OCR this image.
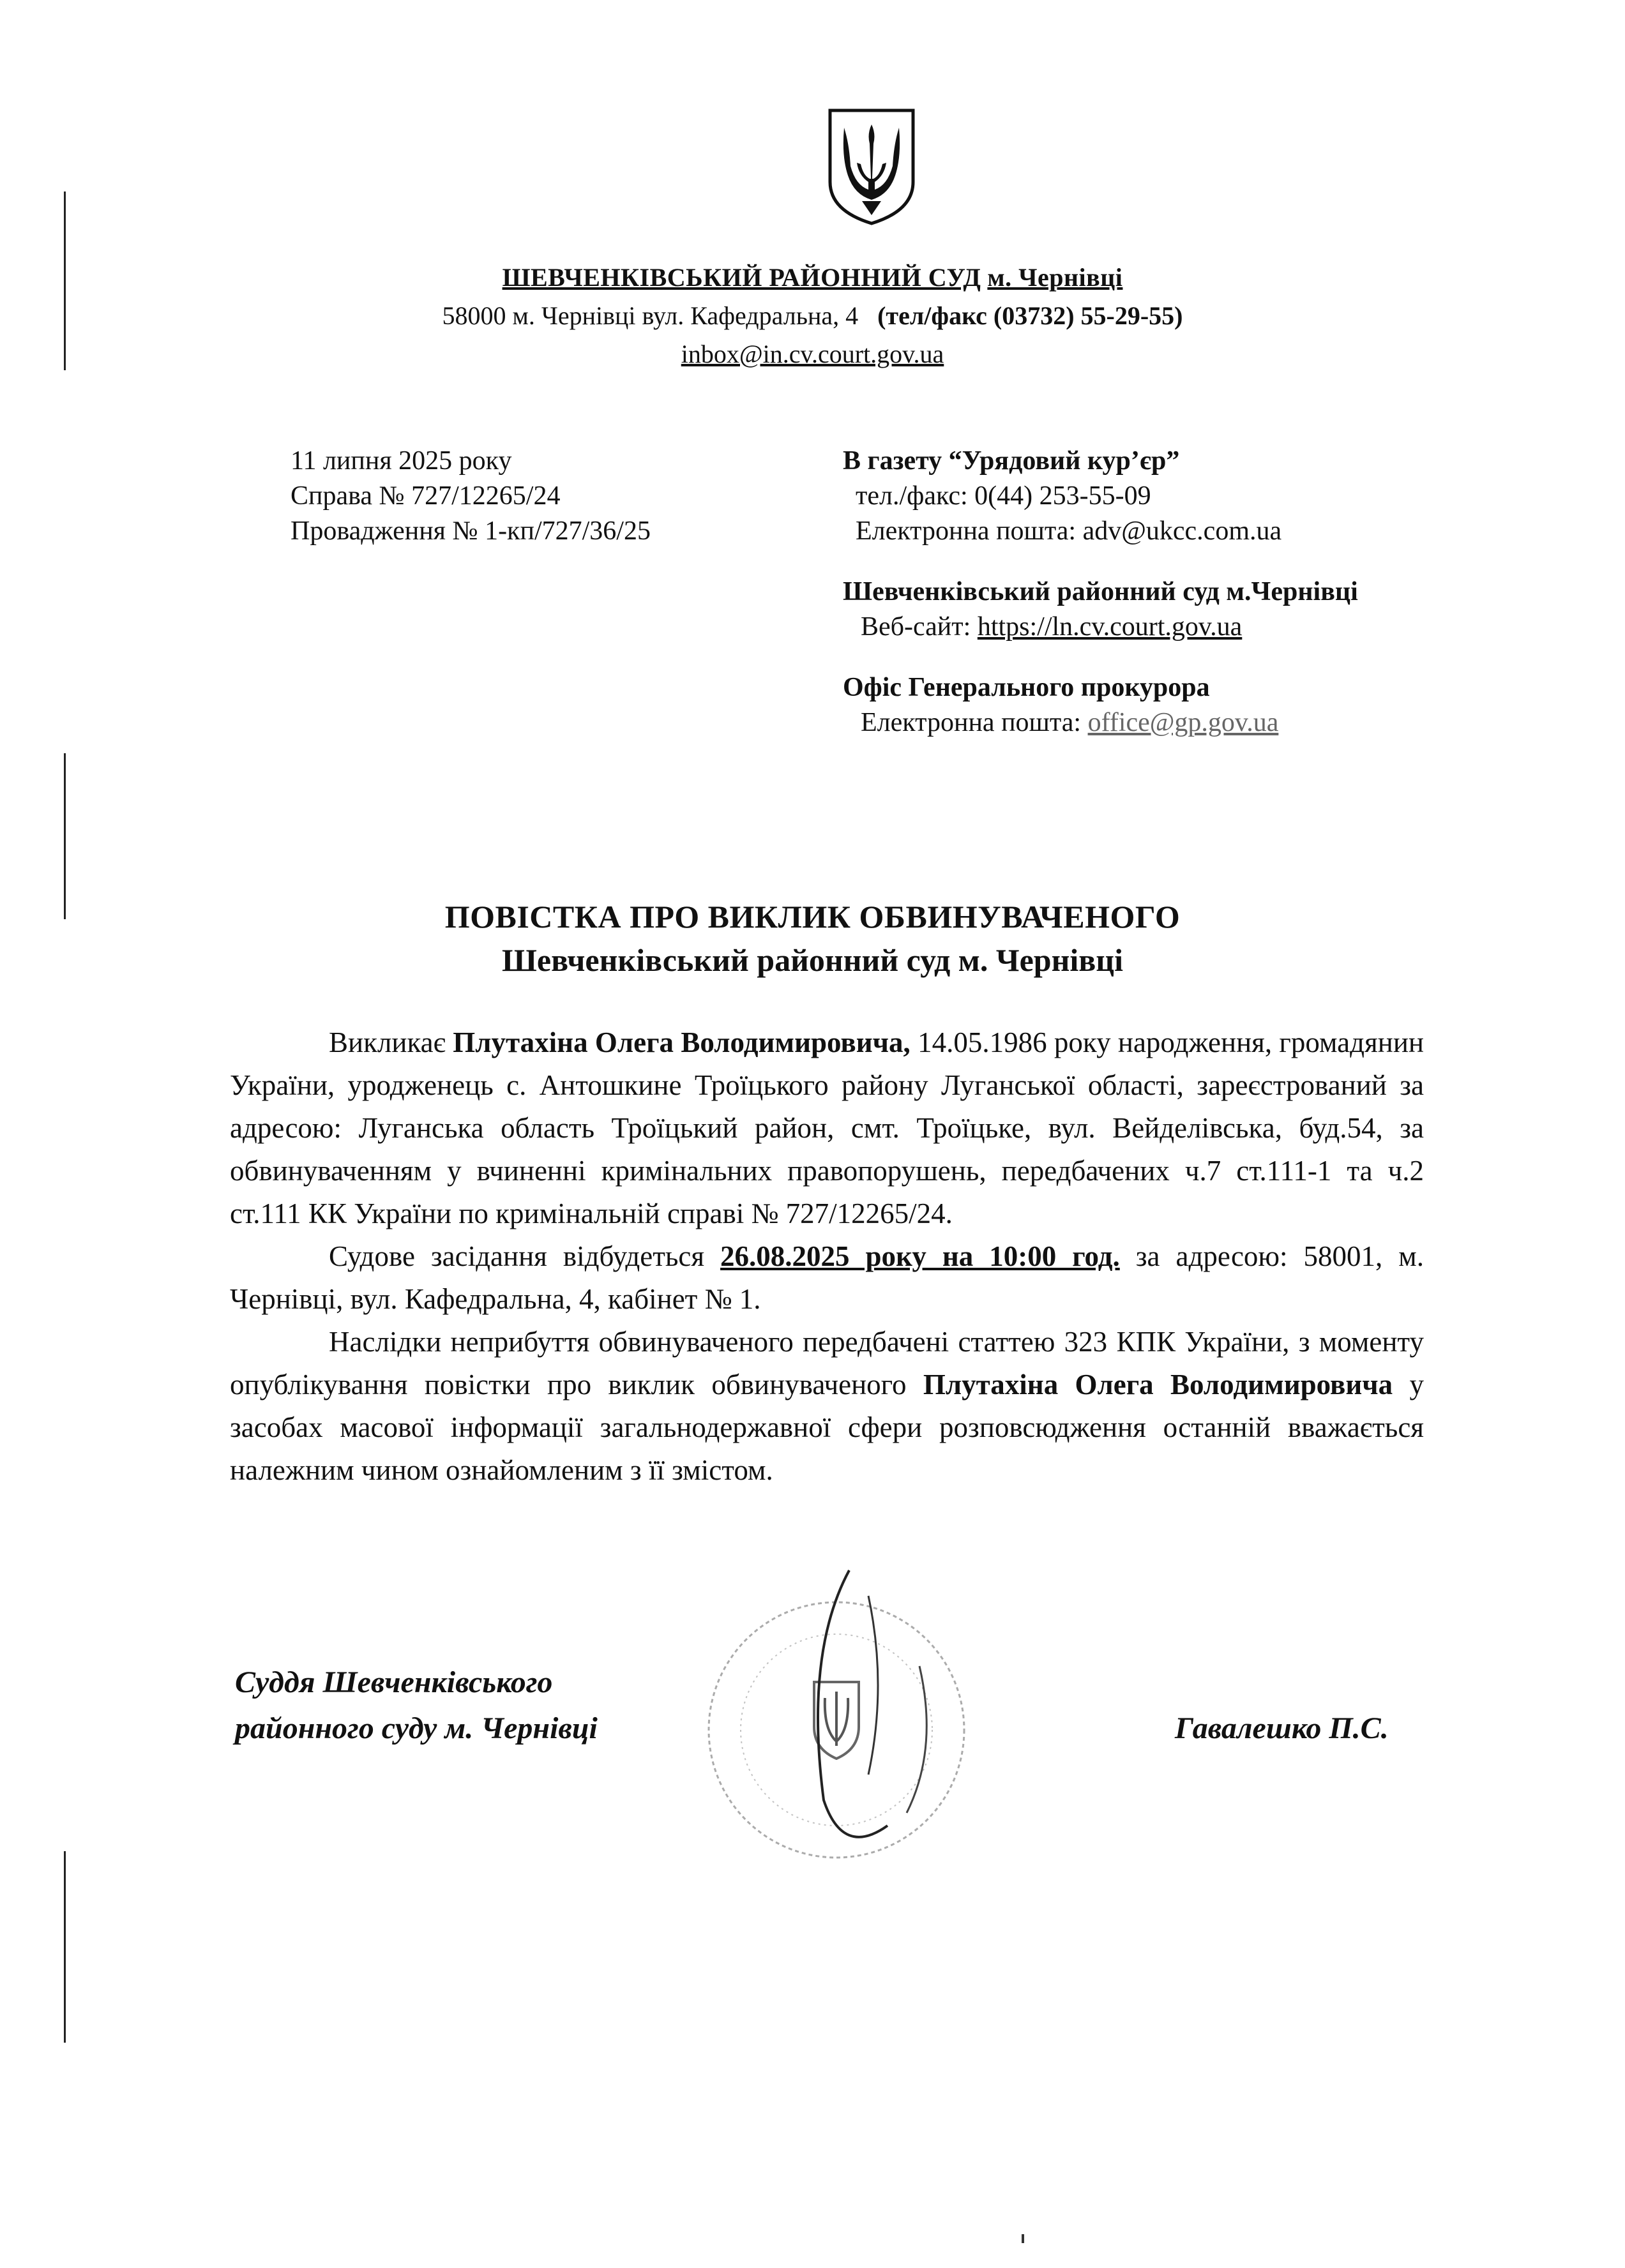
ШЕВЧЕНКІВСЬКИЙ РАЙОННИЙ СУД м. Чернівці
58000 м. Чернівці вул. Кафедральна, 4 (тел/факс (03732) 55-29-55)
inbox@in.cv.court.gov.ua
11 липня 2025 року
Справа № 727/12265/24
Провадження № 1-кп/727/36/25
В газету “Урядовий кур’єр”
тел./факс: 0(44) 253-55-09
Електронна пошта: adv@ukcc.com.ua
Шевченківський районний суд м.Чернівці
Веб-сайт: https://ln.cv.court.gov.ua
Офіс Генерального прокурора
Електронна пошта: office@gp.gov.ua
ПОВІСТКА ПРО ВИКЛИК ОБВИНУВАЧЕНОГО
Шевченківський районний суд м. Чернівці

Викликає Плутахіна Олега Володимировича, 14.05.1986 року народження, громадянин України, уродженець с. Антошкине Троїцького району Луганської області, зареєстрований за адресою: Луганська область Троїцький район, смт. Троїцьке, вул. Вейделівська, буд.54, за обвинуваченням у вчиненні кримінальних правопорушень, передбачених ч.7 ст.111-1 та ч.2 ст.111 КК України по кримінальній справі № 727/12265/24.

Судове засідання відбудеться 26.08.2025 року на 10:00 год. за адресою: 58001, м. Чернівці, вул. Кафедральна, 4, кабінет № 1.

Наслідки неприбуття обвинуваченого передбачені статтею 323 КПК України, з моменту опублікування повістки про виклик обвинуваченого Плутахіна Олега Володимировича у засобах масової інформації загальнодержавної сфери розповсюдження останній вважається належним чином ознайомленим з її змістом.

Суддя Шевченківського
районного суду м. Чернівці	Гавалешко П.С.
